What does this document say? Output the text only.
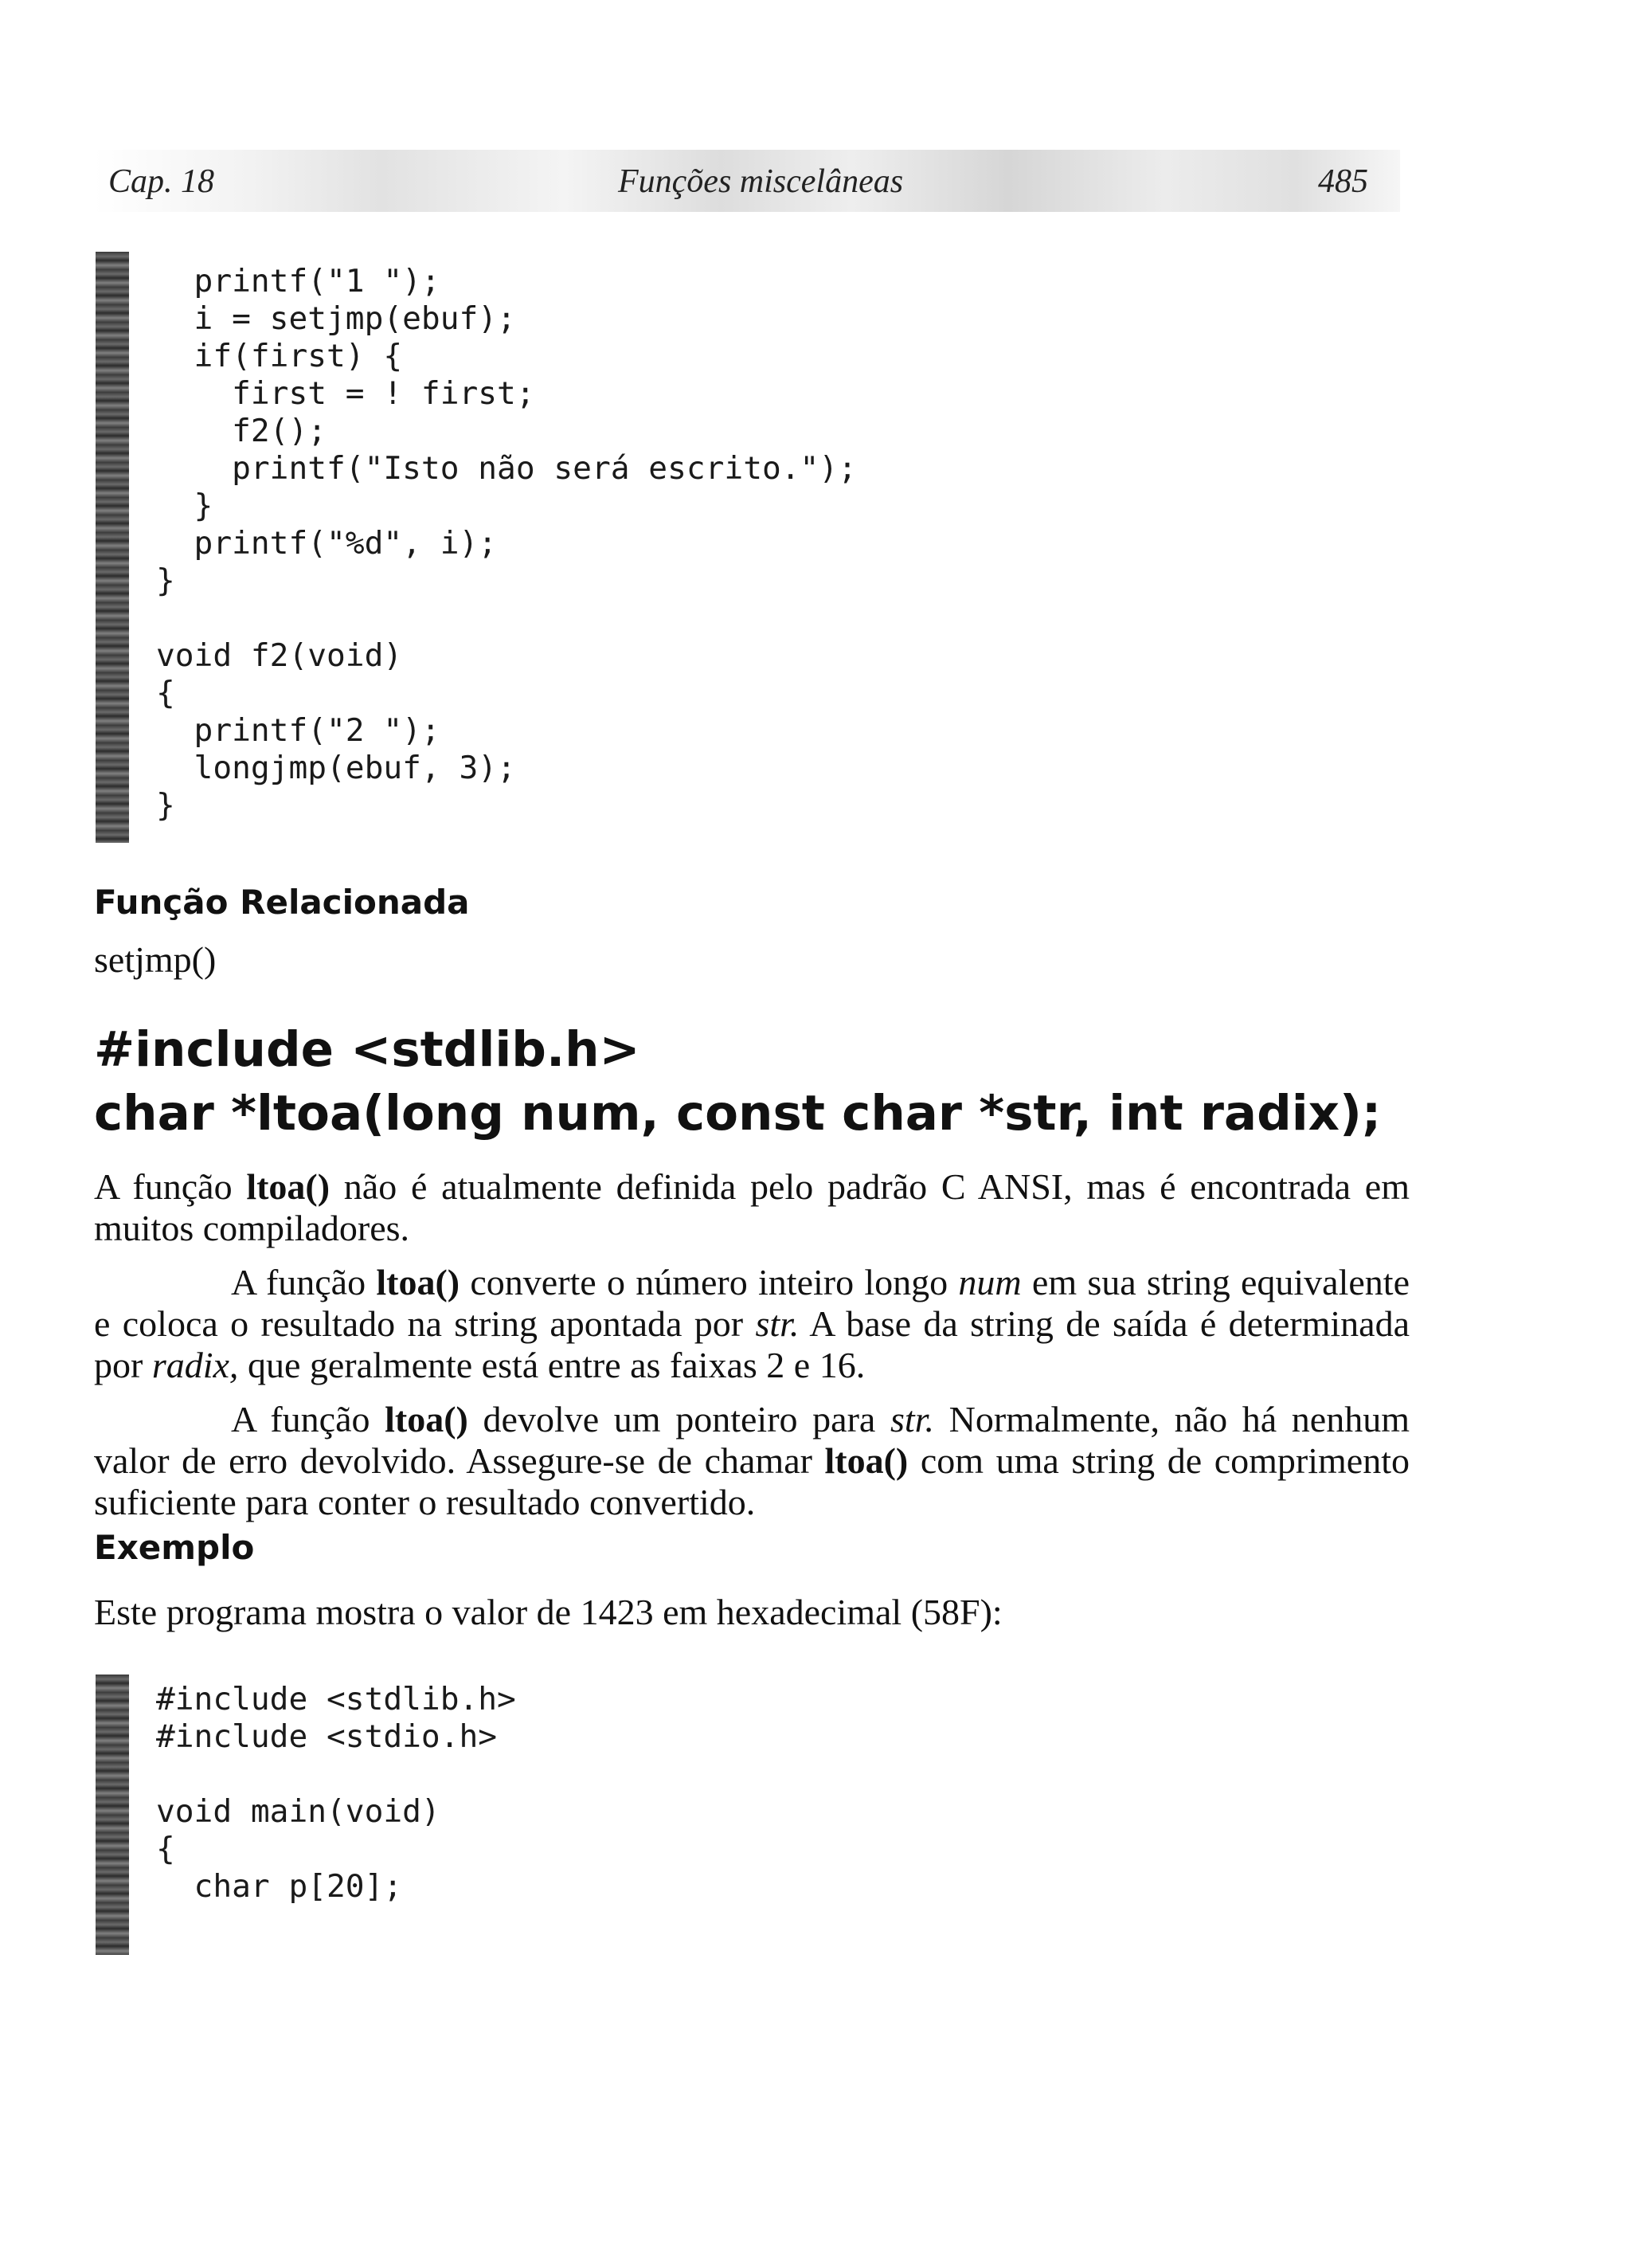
Cap. 18	Funções miscelâneas	485
printf("1 ");
i = setjmp(ebuf);
if(first) {
first = ! first;
f2();
printf("Isto não será escrito.");
}
printf("%d", i);
}

void f2(void)
{
printf("2 ");
longjmp(ebuf, 3);
}
Função Relacionada
setjmp()
#include <stdlib.h>
char *ltoa(long num, const char *str, int radix);

A função ltoa() não é atualmente definida pelo padrão C ANSI, mas é encontrada em muitos compiladores.

A função ltoa() converte o número inteiro longo num em sua string equivalente e coloca o resultado na string apontada por str. A base da string de saída é determinada por radix, que geralmente está entre as faixas 2 e 16.

A função ltoa() devolve um ponteiro para str. Normalmente, não há nenhum valor de erro devolvido. Assegure-se de chamar ltoa() com uma string de comprimento suficiente para conter o resultado convertido.

Exemplo

Este programa mostra o valor de 1423 em hexadecimal (58F):

#include <stdlib.h>
#include <stdio.h>

void main(void)
{
char p[20];
